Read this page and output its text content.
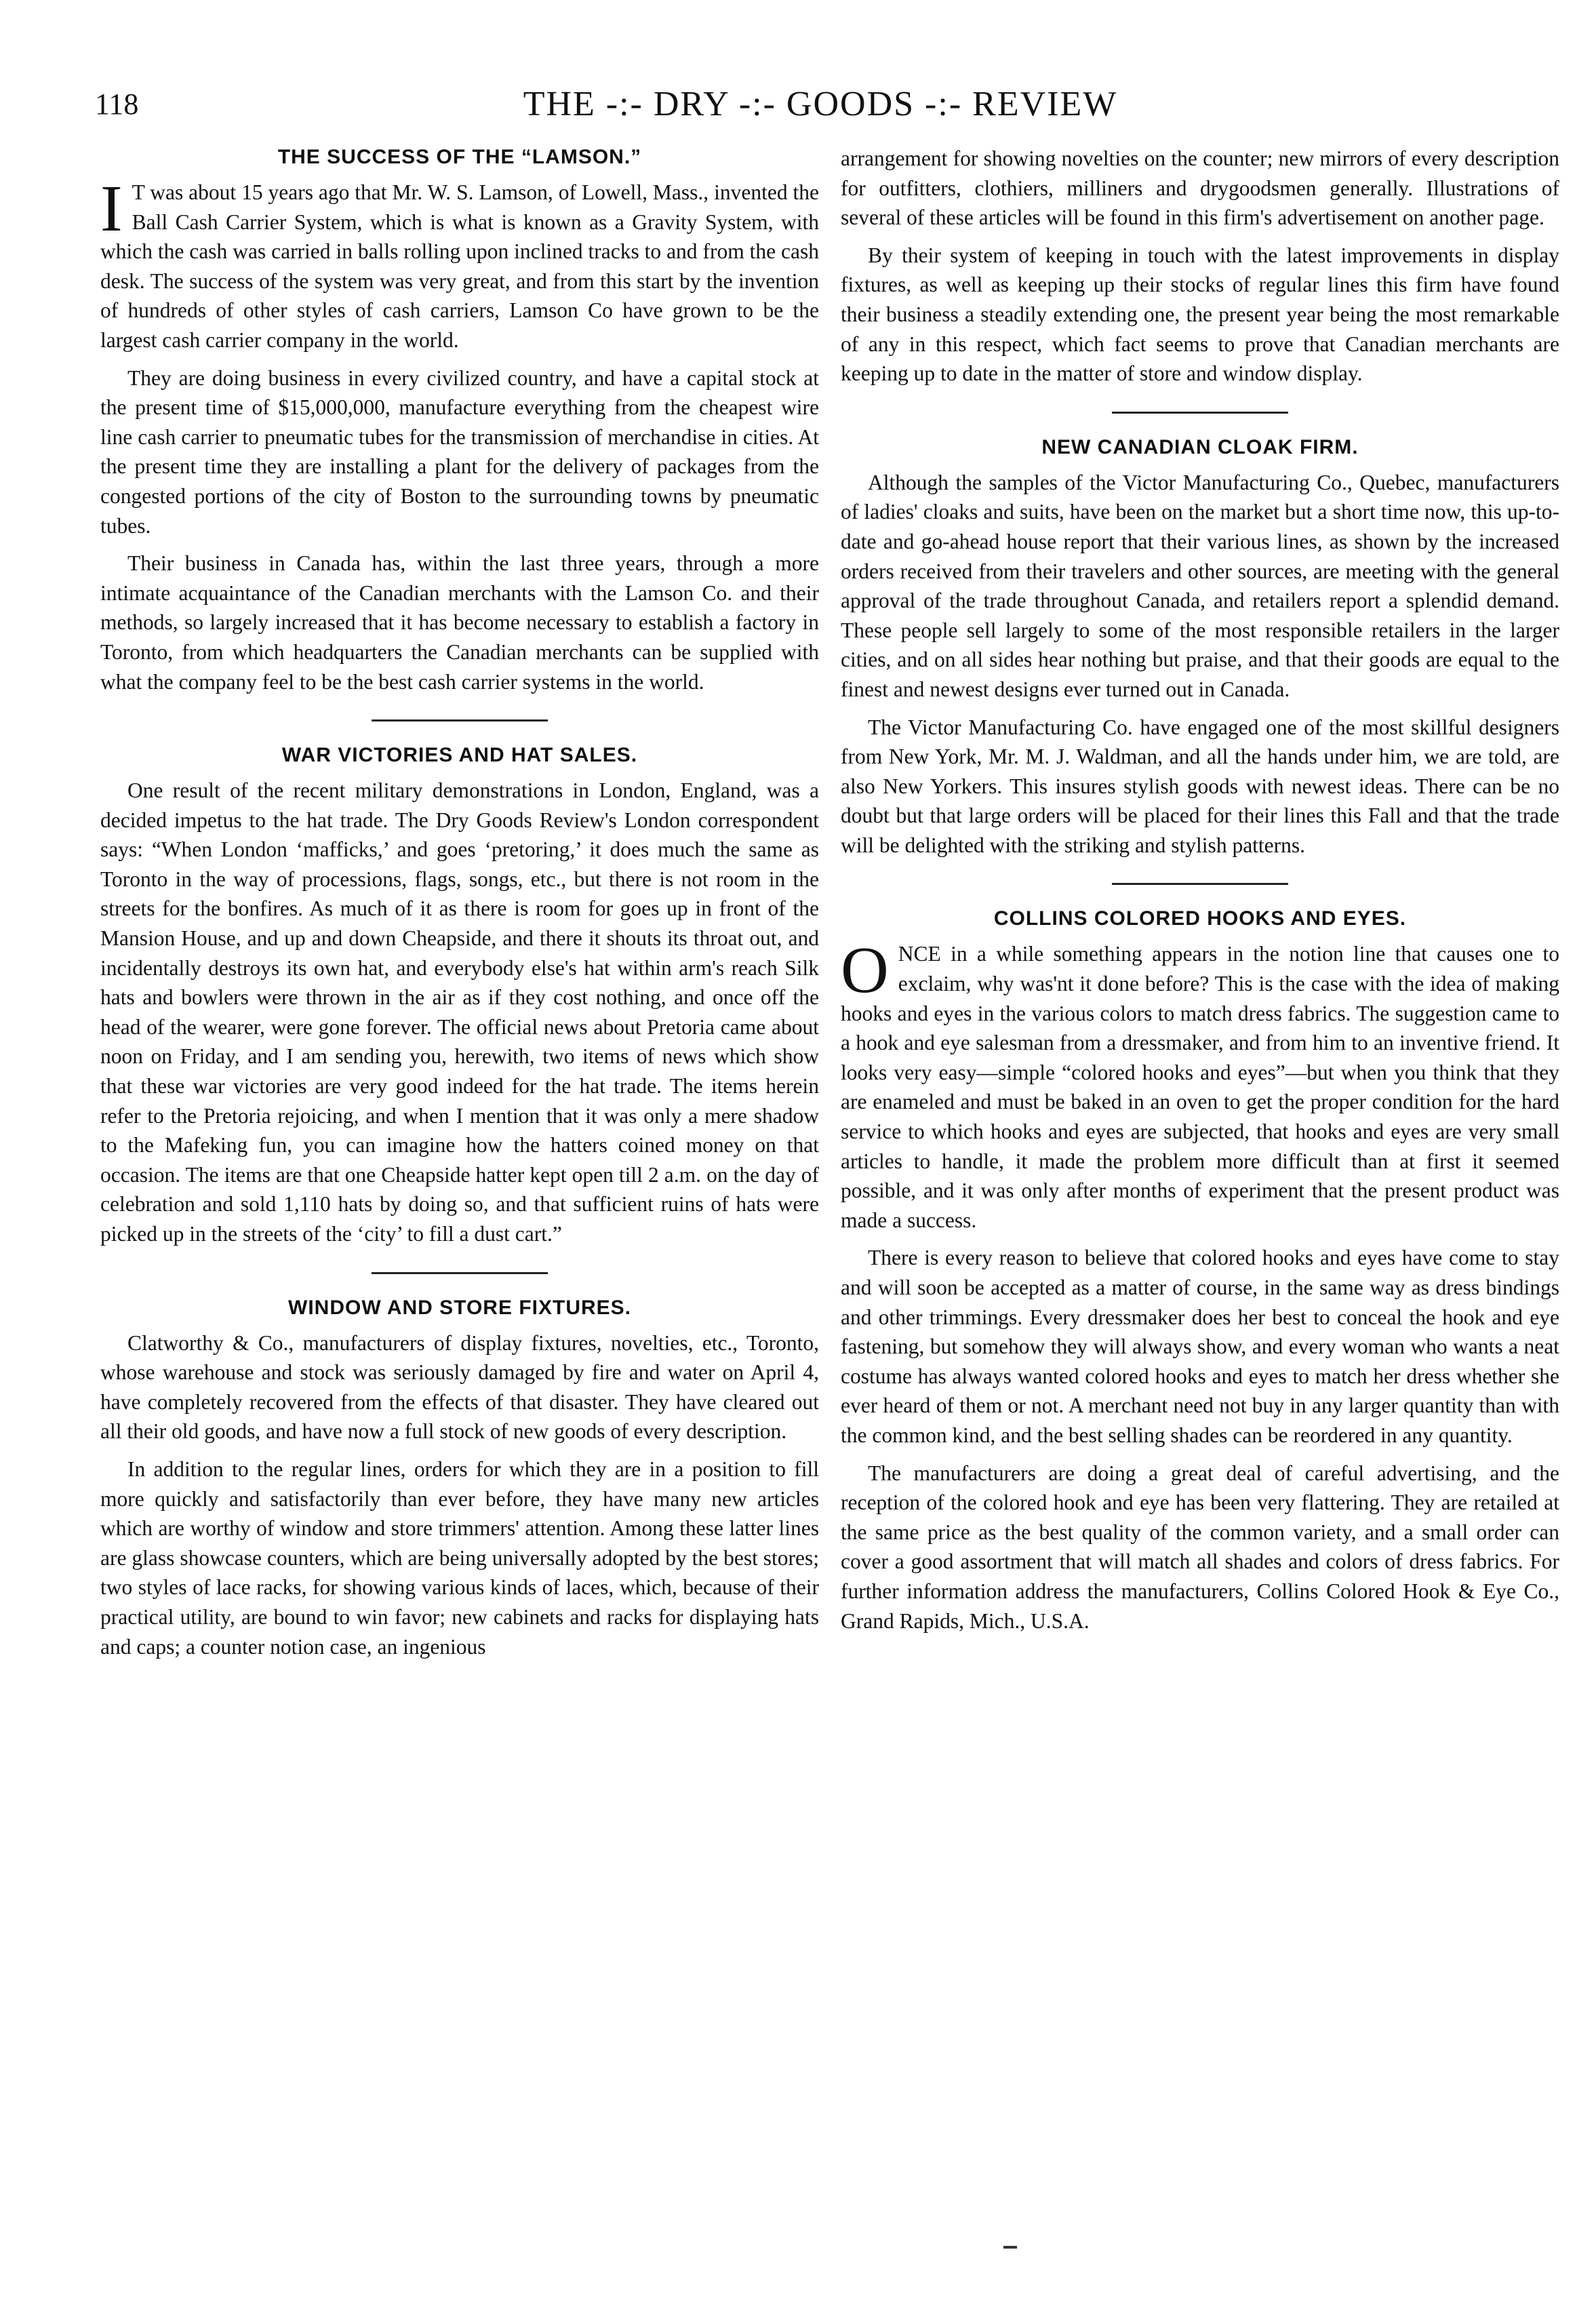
118	THE -:- DRY -:- GOODS -:- REVIEW
THE SUCCESS OF THE “LAMSON.”

I T was about 15 years ago that Mr. W. S. Lamson, of Lowell, Mass., invented the Ball Cash Carrier System, which is what is known as a Gravity System, with which the cash was carried in balls rolling upon inclined tracks to and from the cash desk. The success of the system was very great, and from this start by the invention of hundreds of other styles of cash carriers, Lamson Co have grown to be the largest cash carrier company in the world.

They are doing business in every civilized country, and have a capital stock at the present time of $15,000,000, manufacture everything from the cheapest wire line cash carrier to pneumatic tubes for the transmission of merchandise in cities. At the present time they are installing a plant for the delivery of packages from the congested portions of the city of Boston to the surrounding towns by pneumatic tubes.

Their business in Canada has, within the last three years, through a more intimate acquaintance of the Canadian merchants with the Lamson Co. and their methods, so largely increased that it has become necessary to establish a factory in Toronto, from which headquarters the Canadian merchants can be supplied with what the company feel to be the best cash carrier systems in the world.

WAR VICTORIES AND HAT SALES.

One result of the recent military demonstrations in London, England, was a decided impetus to the hat trade. The Dry Goods Review's London correspondent says: “When London ‘mafficks,’ and goes ‘pretoring,’ it does much the same as Toronto in the way of processions, flags, songs, etc., but there is not room in the streets for the bonfires. As much of it as there is room for goes up in front of the Mansion House, and up and down Cheapside, and there it shouts its throat out, and incidentally destroys its own hat, and everybody else's hat within arm's reach Silk hats and bowlers were thrown in the air as if they cost nothing, and once off the head of the wearer, were gone forever. The official news about Pretoria came about noon on Friday, and I am sending you, herewith, two items of news which show that these war victories are very good indeed for the hat trade. The items herein refer to the Pretoria rejoicing, and when I mention that it was only a mere shadow to the Mafeking fun, you can imagine how the hatters coined money on that occasion. The items are that one Cheapside hatter kept open till 2 a.m. on the day of celebration and sold 1,110 hats by doing so, and that sufficient ruins of hats were picked up in the streets of the ‘city’ to fill a dust cart.”

WINDOW AND STORE FIXTURES.

Clatworthy & Co., manufacturers of display fixtures, novelties, etc., Toronto, whose warehouse and stock was seriously damaged by fire and water on April 4, have completely recovered from the effects of that disaster. They have cleared out all their old goods, and have now a full stock of new goods of every description.

In addition to the regular lines, orders for which they are in a position to fill more quickly and satisfactorily than ever before, they have many new articles which are worthy of window and store trimmers' attention. Among these latter lines are glass showcase counters, which are being universally adopted by the best stores; two styles of lace racks, for showing various kinds of laces, which, because of their practical utility, are bound to win favor; new cabinets and racks for displaying hats and caps; a counter notion case, an ingenious

arrangement for showing novelties on the counter; new mirrors of every description for outfitters, clothiers, milliners and drygoodsmen generally. Illustrations of several of these articles will be found in this firm's advertisement on another page.

By their system of keeping in touch with the latest improvements in display fixtures, as well as keeping up their stocks of regular lines this firm have found their business a steadily extending one, the present year being the most remarkable of any in this respect, which fact seems to prove that Canadian merchants are keeping up to date in the matter of store and window display.

NEW CANADIAN CLOAK FIRM.

Although the samples of the Victor Manufacturing Co., Quebec, manufacturers of ladies' cloaks and suits, have been on the market but a short time now, this up-to-date and go-ahead house report that their various lines, as shown by the increased orders received from their travelers and other sources, are meeting with the general approval of the trade throughout Canada, and retailers report a splendid demand. These people sell largely to some of the most responsible retailers in the larger cities, and on all sides hear nothing but praise, and that their goods are equal to the finest and newest designs ever turned out in Canada.

The Victor Manufacturing Co. have engaged one of the most skillful designers from New York, Mr. M. J. Waldman, and all the hands under him, we are told, are also New Yorkers. This insures stylish goods with newest ideas. There can be no doubt but that large orders will be placed for their lines this Fall and that the trade will be delighted with the striking and stylish patterns.

COLLINS COLORED HOOKS AND EYES.

ONCE in a while something appears in the notion line that causes one to exclaim, why was'nt it done before? This is the case with the idea of making hooks and eyes in the various colors to match dress fabrics. The suggestion came to a hook and eye salesman from a dressmaker, and from him to an inventive friend. It looks very easy—simple “colored hooks and eyes”—but when you think that they are enameled and must be baked in an oven to get the proper condition for the hard service to which hooks and eyes are subjected, that hooks and eyes are very small articles to handle, it made the problem more difficult than at first it seemed possible, and it was only after months of experiment that the present product was made a success.

There is every reason to believe that colored hooks and eyes have come to stay and will soon be accepted as a matter of course, in the same way as dress bindings and other trimmings. Every dressmaker does her best to conceal the hook and eye fastening, but somehow they will always show, and every woman who wants a neat costume has always wanted colored hooks and eyes to match her dress whether she ever heard of them or not. A merchant need not buy in any larger quantity than with the common kind, and the best selling shades can be reordered in any quantity.

The manufacturers are doing a great deal of careful advertising, and the reception of the colored hook and eye has been very flattering. They are retailed at the same price as the best quality of the common variety, and a small order can cover a good assortment that will match all shades and colors of dress fabrics. For further information address the manufacturers, Collins Colored Hook & Eye Co., Grand Rapids, Mich., U.S.A.
